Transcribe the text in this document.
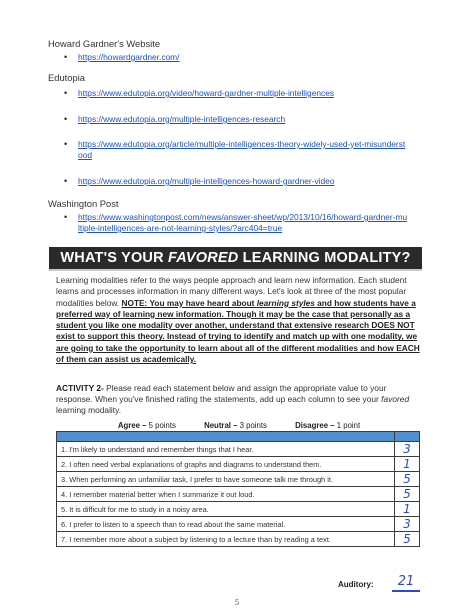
Howard Gardner's Website
• https://howardgardner.com/
Edutopia
• https://www.edutopia.org/video/howard-gardner-multiple-intelligences
• https://www.edutopia.org/multiple-intelligences-research
• https://www.edutopia.org/article/multiple-intelligences-theory-widely-used-yet-misunderstood
• https://www.edutopia.org/multiple-intelligences-howard-gardner-video
Washington Post
• https://www.washingtonpost.com/news/answer-sheet/wp/2013/10/16/howard-gardner-multiple-intelligences-are-not-learning-styles/?arc404=true
WHAT'S YOUR FAVORED LEARNING MODALITY?
Learning modalities refer to the ways people approach and learn new information. Each student learns and processes information in many different ways. Let's look at three of the most popular modalities below. NOTE: You may have heard about learning styles and how students have a preferred way of learning new information. Though it may be the case that personally as a student you like one modality over another, understand that extensive research DOES NOT exist to support this theory. Instead of trying to identify and match up with one modality, we are going to take the opportunity to learn about all of the different modalities and how EACH of them can assist us academically.
ACTIVITY 2- Please read each statement below and assign the appropriate value to your response. When you've finished rating the statements, add up each column to see your favored learning modality.
Agree – 5 points	Neutral – 3 points	Disagree – 1 point

1. I'm likely to understand and remember things that I hear.	3
2. I often need verbal explanations of graphs and diagrams to understand them.	1
3. When performing an unfamiliar task, I prefer to have someone talk me through it.	5
4. I remember material better when I summarize it out loud.	5
5. It is difficult for me to study in a noisy area.	1
6. I prefer to listen to a speech than to read about the same material.	3
7. I remember more about a subject by listening to a lecture than by reading a text.	5
Auditory:	21
5
